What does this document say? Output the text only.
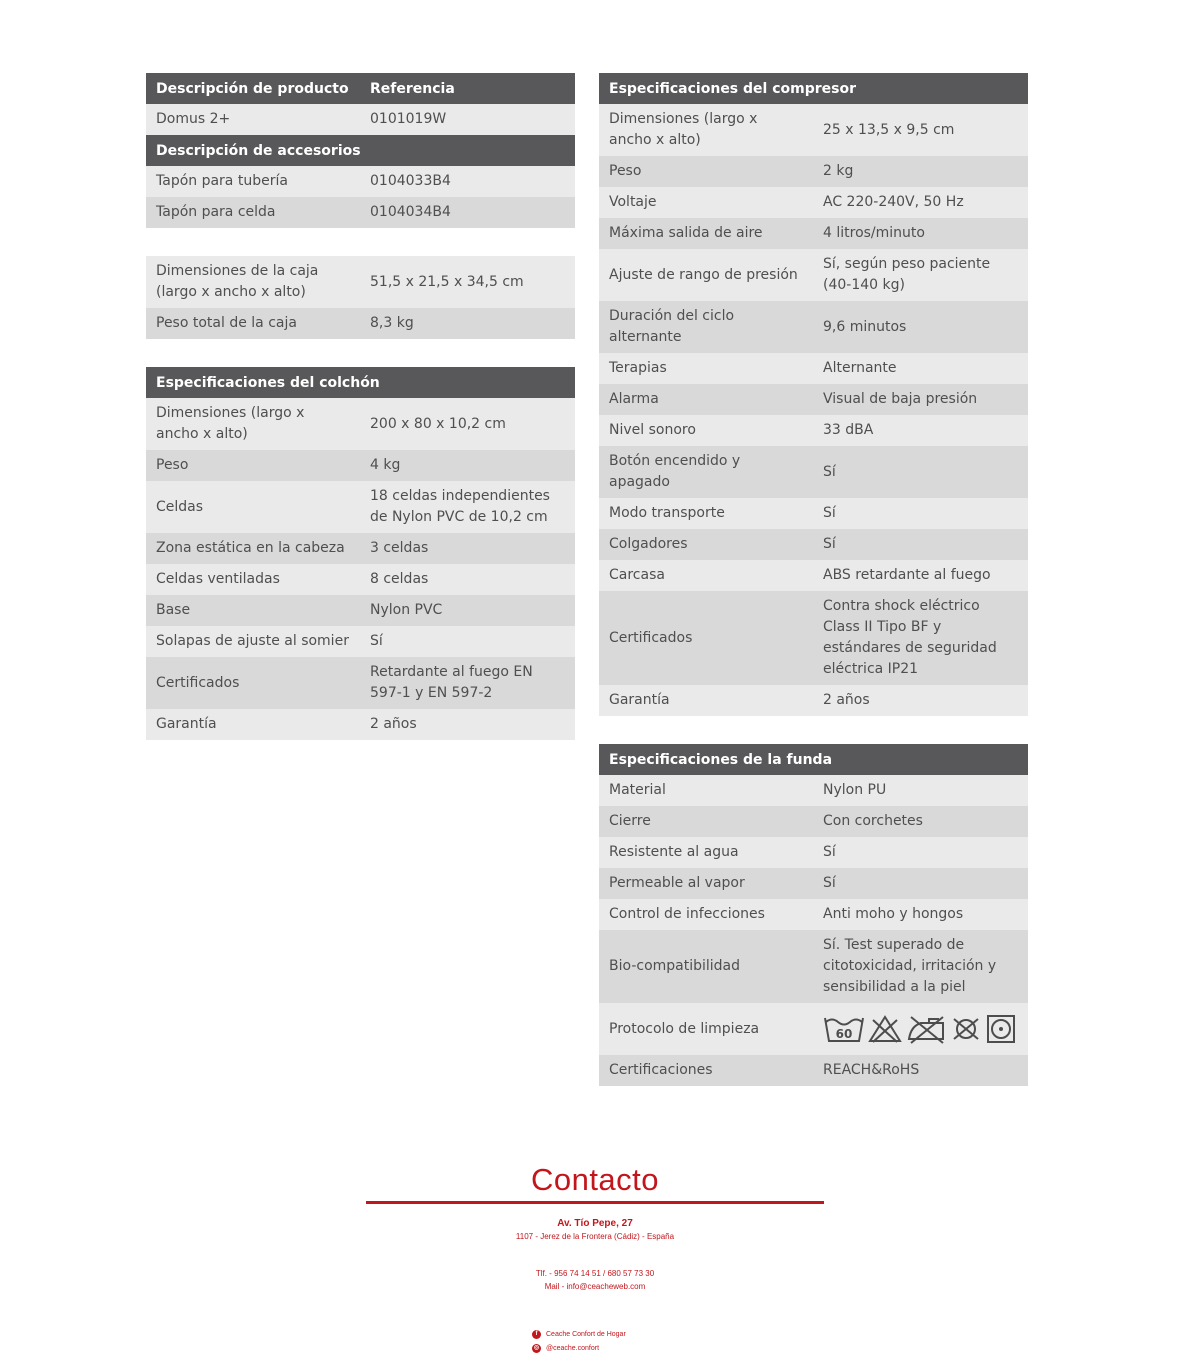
Descripción de producto	Referencia
Domus 2+	0101019W
Descripción de accesorios	
Tapón para tubería	0104033B4
Tapón para celda	0104034B4
Dimensiones de la caja (largo x ancho x alto)	51,5 x 21,5 x 34,5 cm
Peso total de la caja	8,3 kg
Especificaciones del colchón	
Dimensiones (largo x ancho x alto)	200 x 80 x 10,2 cm
Peso	4 kg
Celdas	18 celdas independientes de Nylon PVC de 10,2 cm
Zona estática en la cabeza	3 celdas
Celdas ventiladas	8 celdas
Base	Nylon PVC
Solapas de ajuste al somier	Sí
Certificados	Retardante al fuego EN 597-1 y EN 597-2
Garantía	2 años
Especificaciones del compresor	
Dimensiones (largo x ancho x alto)	25 x 13,5 x 9,5 cm
Peso	2 kg
Voltaje	AC 220-240V, 50 Hz
Máxima salida de aire	4 litros/minuto
Ajuste de rango de presión	Sí, según peso paciente (40-140 kg)
Duración del ciclo alternante	9,6 minutos
Terapias	Alternante
Alarma	Visual de baja presión
Nivel sonoro	33 dBA
Botón encendido y apagado	Sí
Modo transporte	Sí
Colgadores	Sí
Carcasa	ABS retardante al fuego
Certificados	Contra shock eléctrico Class II Tipo BF y estándares de seguridad eléctrica IP21
Garantía	2 años
Especificaciones de la funda	
Material	Nylon PU
Cierre	Con corchetes
Resistente al agua	Sí
Permeable al vapor	Sí
Control de infecciones	Anti moho y hongos
Bio-compatibilidad	Sí. Test superado de citotoxicidad, irritación y sensibilidad a la piel
Protocolo de limpieza	60

Certificaciones	REACH&RoHS
Contacto
Av. Tío Pepe, 27
1107 - Jerez de la Frontera (Cádiz) - España
Tlf. - 956 74 14 51 / 680 57 73 30
Mail - info@ceacheweb.com
f	Ceache Confort de Hogar
◎ @ceache.confort
